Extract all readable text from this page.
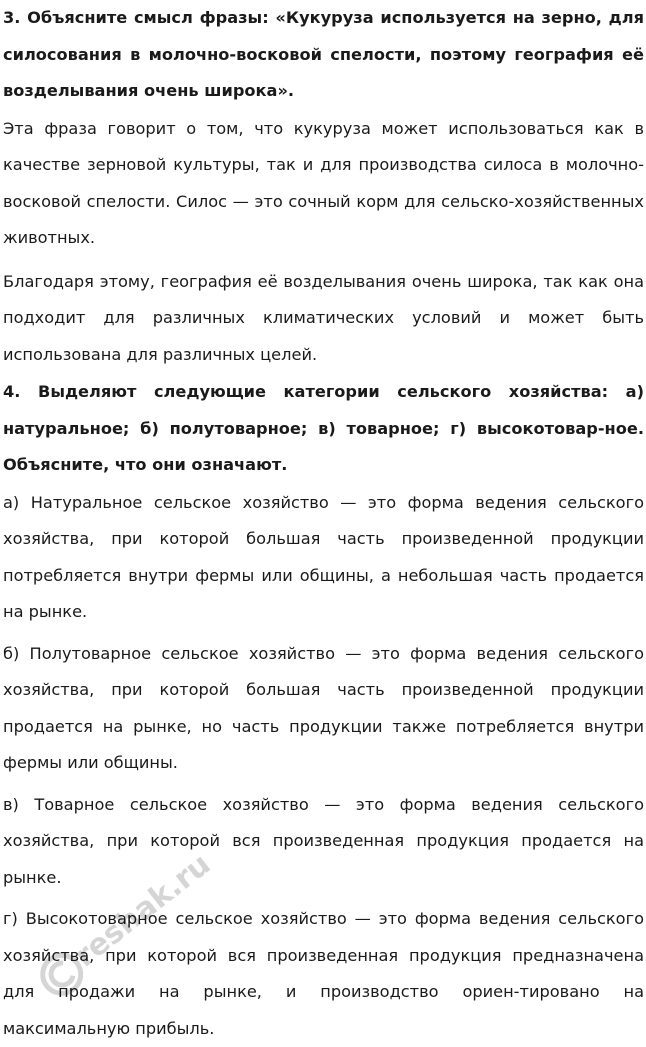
3. Объясните смысл фразы: «Кукуруза используется на зерно, для силосования в молочно-восковой спелости, поэтому география её возделывания очень широка».

Эта фраза говорит о том, что кукуруза может использоваться как в качестве зерновой культуры, так и для производства силоса в молочно-восковой спелости. Силос — это сочный корм для сельско-хозяйственных животных.

Благодаря этому, география её возделывания очень широка, так как она подходит для различных климатических условий и может быть использована для различных целей.

4. Выделяют следующие категории сельского хозяйства: а) натуральное; б) полутоварное; в) товарное; г) высокотовар-ное. Объясните, что они означают.

а) Натуральное сельское хозяйство — это форма ведения сельского хозяйства, при которой большая часть произведенной продукции потребляется внутри фермы или общины, а небольшая часть продается на рынке.

б) Полутоварное сельское хозяйство — это форма ведения сельского хозяйства, при которой большая часть произведенной продукции продается на рынке, но часть продукции также потребляется внутри фермы или общины.

в) Товарное сельское хозяйство — это форма ведения сельского хозяйства, при которой вся произведенная продукция продается на рынке.

г) Высокотоварное сельское хозяйство — это форма ведения сельского хозяйства, при которой вся произведенная продукция предназначена для продажи на рынке, и производство ориен-тировано на максимальную прибыль.

reshak.ru
